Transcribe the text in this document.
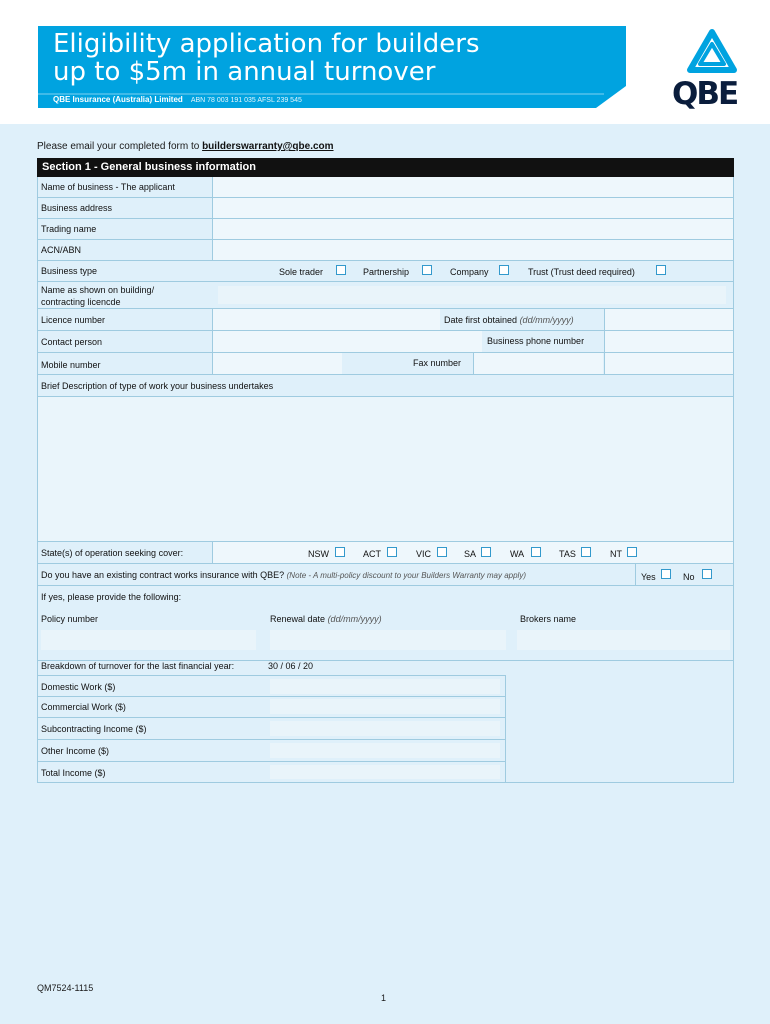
Eligibility application for builders
up to $5m in annual turnover
QBE Insurance (Australia) Limited ABN 78 003 191 035 AFSL 239 545	QBE
Please email your completed form to builderswarranty@qbe.com
Section 1 - General business information
Name of business - The applicant
Business address
Trading name
ACN/ABN
Business type	Sole trader	Partnership	Company	Trust (Trust deed required)
Name as shown on building/
contracting licencde
Licence number	Date first obtained (dd/mm/yyyy)
Contact person	Business phone number
Mobile number	Fax number
Brief Description of type of work your business undertakes
State(s) of operation seeking cover:	NSW	ACT	VIC	SA	WA	TAS	NT
Do you have an existing contract works insurance with QBE? (Note - A multi-policy discount to your Builders Warranty may apply)	Yes	No
If yes, please provide the following:
Policy number	Renewal date (dd/mm/yyyy)	Brokers name
Breakdown of turnover for the last financial year:	30 / 06 / 20
Domestic Work ($)
Commercial Work ($)
Subcontracting Income ($)
Other Income ($)
Total Income ($)
QM7524-1115
1
